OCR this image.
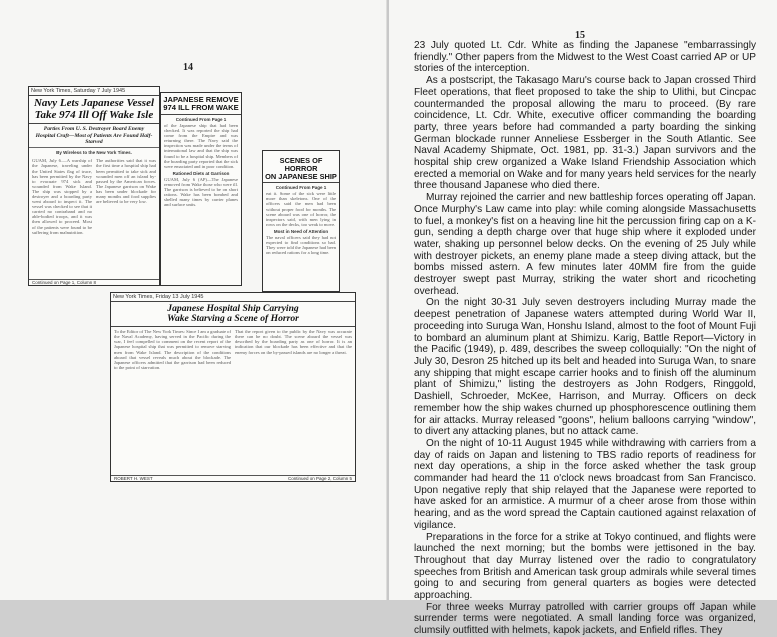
14
New York Times, Saturday 7 July 1945
Navy Lets Japanese Vessel
Take 974 Ill Off Wake Isle
Parties From U. S. Destroyer Board Enemy Hospital Craft—Most of Patients Are Found Half-Starved
By Wireless to the New York Times.
GUAM, July 6.—A warship of the Japanese, traveling under the United States flag of truce, has been permitted by the Navy to evacuate 974 sick and wounded from Wake Island. The ship was stopped by a destroyer and a boarding party went aboard to inspect it. The vessel was checked to see that it carried no contraband and no able-bodied troops, and it was then allowed to proceed. Most of the patients were found to be suffering from malnutrition.
The authorities said that it was the first time a hospital ship had been permitted to take sick and wounded men off an island by-passed by the American forces. The Japanese garrison on Wake has been under blockade for many months and food supplies are believed to be very low.
Continued on Page 1, Column 8
JAPANESE REMOVE
974 ILL FROM WAKE
Continued From Page 1
of the Japanese ship that had been checked. It was reported the ship had come from the Empire and was returning there. The Navy said the inspection was made under the terms of international law and that the ship was found to be a hospital ship. Members of the boarding party reported that the sick were emaciated and in poor condition.
Rationed Diets at Garrison
GUAM, July 6 (AP)—The Japanese removed from Wake those who were ill. The garrison is believed to be on short rations. Wake has been bombed and shelled many times by carrier planes and surface units.
SCENES OF HORROR
ON JAPANESE SHIP
Continued From Page 1
eat it. Some of the sick were little more than skeletons. One of the officers said the men had been without proper food for months. The scene aboard was one of horror, the inspectors said, with men lying in rows on the decks, too weak to move.
Most in Need of Attention
The naval officers said they had not expected to find conditions so bad. They were told the Japanese had been on reduced rations for a long time.
New York Times, Friday 13 July 1945
Japanese Hospital Ship Carrying
Wake Starving a Scene of Horror
To the Editor of The New York Times: Since I am a graduate of the Naval Academy, having served in the Pacific during the war, I feel compelled to comment on the recent report of the Japanese hospital ship that was permitted to remove starving men from Wake Island. The description of the conditions aboard that vessel reveals much about the blockade. The Japanese officers admitted that the garrison had been reduced to the point of starvation.
That the report given to the public by the Navy was accurate there can be no doubt. The scene aboard the vessel was described by the boarding party as one of horror. It is an indication that our blockade has been effective and that the enemy forces on the by-passed islands are no longer a threat.
ROBERT H. WEST	Continued on Page 2, Column 5
15

23 July quoted Lt. Cdr. White as finding the Japanese "embarrassingly friendly." Other papers from the Midwest to the West Coast carried AP or UP stories of the interception.

As a postscript, the Takasago Maru's course back to Japan crossed Third Fleet operations, that fleet proposed to take the ship to Ulithi, but Cincpac countermanded the proposal allowing the maru to proceed. (By rare coincidence, Lt. Cdr. White, executive officer commanding the boarding party, three years before had commanded a party boarding the sinking German blockade runner Anneliese Essberger in the South Atlantic. See Naval Academy Shipmate, Oct. 1981, pp. 31-3.) Japan survivors and the hospital ship crew organized a Wake Island Friendship Association which erected a memorial on Wake and for many years held services for the nearly three thousand Japanese who died there.

Murray rejoined the carrier and new battleship forces operating off Japan. Once Murphy's Law came into play: while coming alongside Massachusetts to fuel, a monkey's fist on a heaving line hit the percussion firing cap on a K-gun, sending a depth charge over that huge ship where it exploded under water, shaking up personnel below decks. On the evening of 25 July while with destroyer pickets, an enemy plane made a steep diving attack, but the bombs missed astern. A few minutes later 40MM fire from the guide destroyer swept past Murray, striking the water short and ricocheting overhead.

On the night 30-31 July seven destroyers including Murray made the deepest penetration of Japanese waters attempted during World War II, proceeding into Suruga Wan, Honshu Island, almost to the foot of Mount Fuji to bombard an aluminum plant at Shimizu. Karig, Battle Report—Victory in the Pacific (1949), p. 489, describes the sweep colloquially: "On the night of July 30, Desron 25 hitched up its belt and headed into Suruga Wan, to snare any shipping that might escape carrier hooks and to finish off the aluminum plant of Shimizu," listing the destroyers as John Rodgers, Ringgold, Dashiell, Schroeder, McKee, Harrison, and Murray. Officers on deck remember how the ship wakes churned up phosphorescence outlining them for air attacks. Murray released "goons", helium balloons carrying "window", to divert any attacking planes, but no attack came.

On the night of 10-11 August 1945 while withdrawing with carriers from a day of raids on Japan and listening to TBS radio reports of readiness for next day operations, a ship in the force asked whether the task group commander had heard the 11 o'clock news broadcast from San Francisco. Upon negative reply that ship relayed that the Japanese were reported to have asked for an armistice. A murmur of a cheer arose from those within hearing, and as the word spread the Captain cautioned against relaxation of vigilance.

Preparations in the force for a strike at Tokyo continued, and flights were launched the next morning; but the bombs were jettisoned in the bay. Throughout that day Murray listened over the radio to congratulatory speeches from British and American task group admirals while several times going to and securing from general quarters as bogies were detected approaching.

For three weeks Murray patrolled with carrier groups off Japan while surrender terms were negotiated. A small landing force was organized, clumsily outfitted with helmets, kapok jackets, and Enfield rifles. They
